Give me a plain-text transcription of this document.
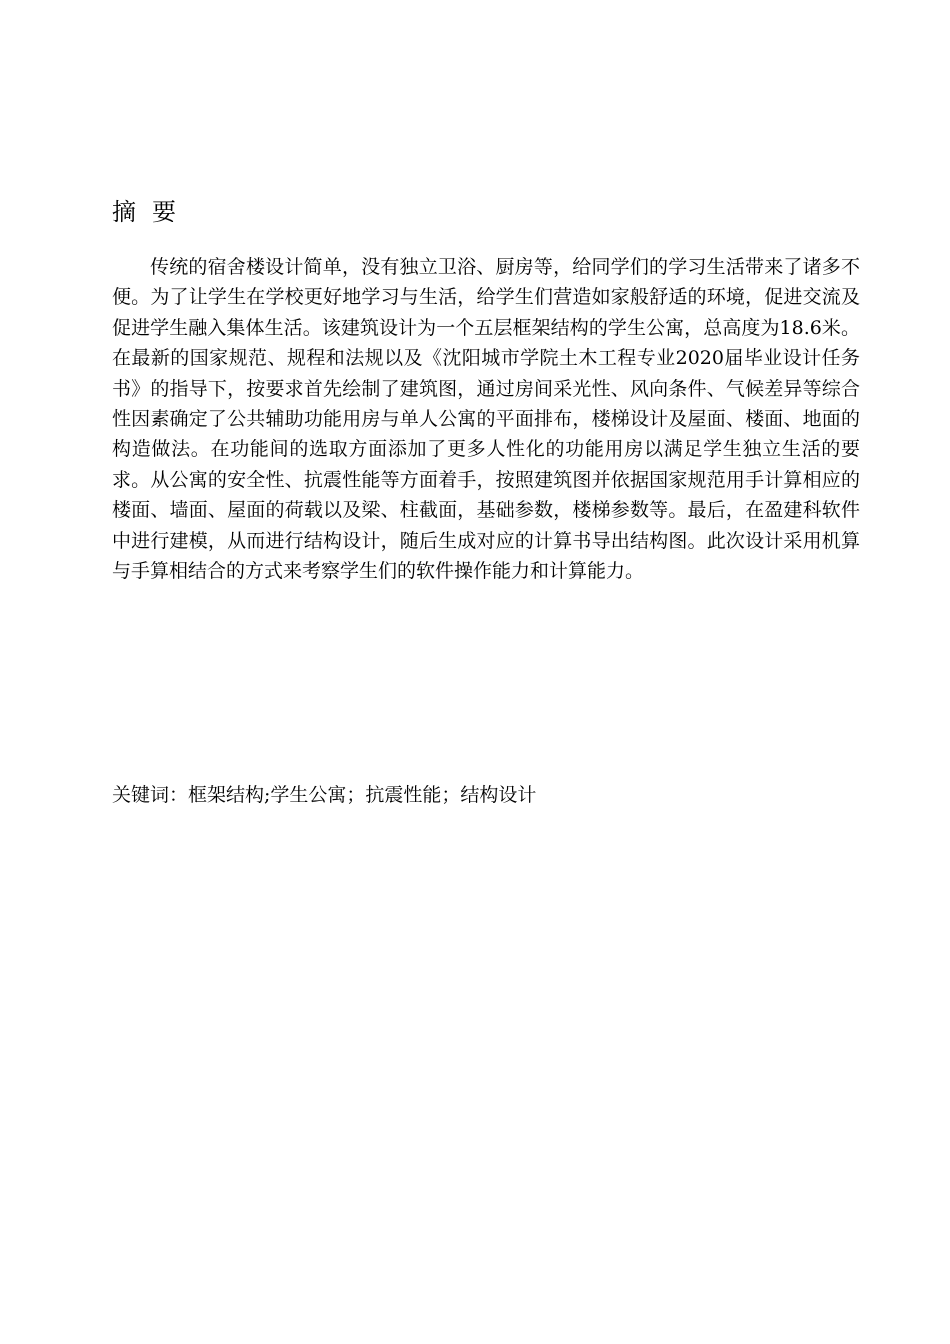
摘要

传统的宿舍楼设计简单，没有独立卫浴、厨房等，给同学们的学习生活带来了诸多不便。为了让学生在学校更好地学习与生活，给学生们营造如家般舒适的环境，促进交流及促进学生融入集体生活。该建筑设计为一个五层框架结构的学生公寓，总高度为18.6米。在最新的国家规范、规程和法规以及《沈阳城市学院土木工程专业2020届毕业设计任务书》的指导下，按要求首先绘制了建筑图，通过房间采光性、风向条件、气候差异等综合性因素确定了公共辅助功能用房与单人公寓的平面排布，楼梯设计及屋面、楼面、地面的构造做法。在功能间的选取方面添加了更多人性化的功能用房以满足学生独立生活的要求。从公寓的安全性、抗震性能等方面着手，按照建筑图并依据国家规范用手计算相应的楼面、墙面、屋面的荷载以及梁、柱截面，基础参数，楼梯参数等。最后，在盈建科软件中进行建模，从而进行结构设计，随后生成对应的计算书导出结构图。此次设计采用机算与手算相结合的方式来考察学生们的软件操作能力和计算能力。

关键词：框架结构;学生公寓；抗震性能；结构设计
